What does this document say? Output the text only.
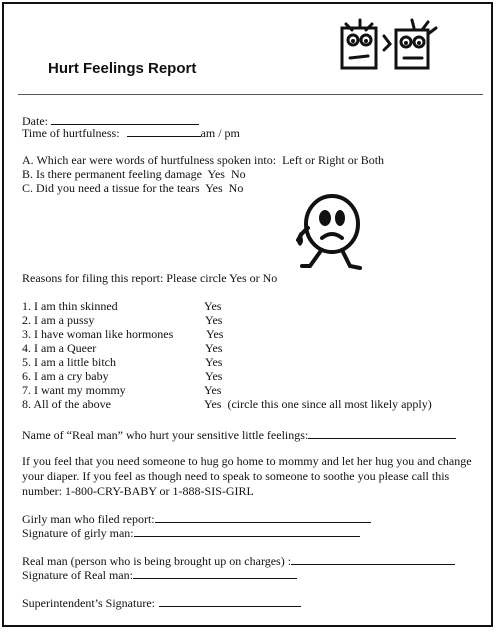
Hurt Feelings Report
Date:
Time of hurtfulness:	am / pm
A. Which ear were words of hurtfulness spoken into: Left or Right or Both
B. Is there permanent feeling damage Yes  No
C. Did you need a tissue for the tears Yes  No
Reasons for filing this report: Please circle Yes or No
1. I am thin skinned	Yes
2. I am a pussy	Yes
3. I have woman like hormones	Yes
4. I am a Queer	Yes
5. I am a little bitch	Yes
6. I am a cry baby	Yes
7. I want my mommy	Yes
8. All of the above	Yes  (circle this one since all most likely apply)
Name of “Real man” who hurt your sensitive little feelings:
If you feel that you need someone to hug go home to mommy and let her hug you and change your diaper. If you feel as though need to speak to someone to soothe you please call this number: 1-800-CRY-BABY or 1-888-SIS-GIRL
Girly man who filed report:
Signature of girly man:
Real man (person who is being brought up on charges) :
Signature of Real man:
Superintendent’s Signature:
